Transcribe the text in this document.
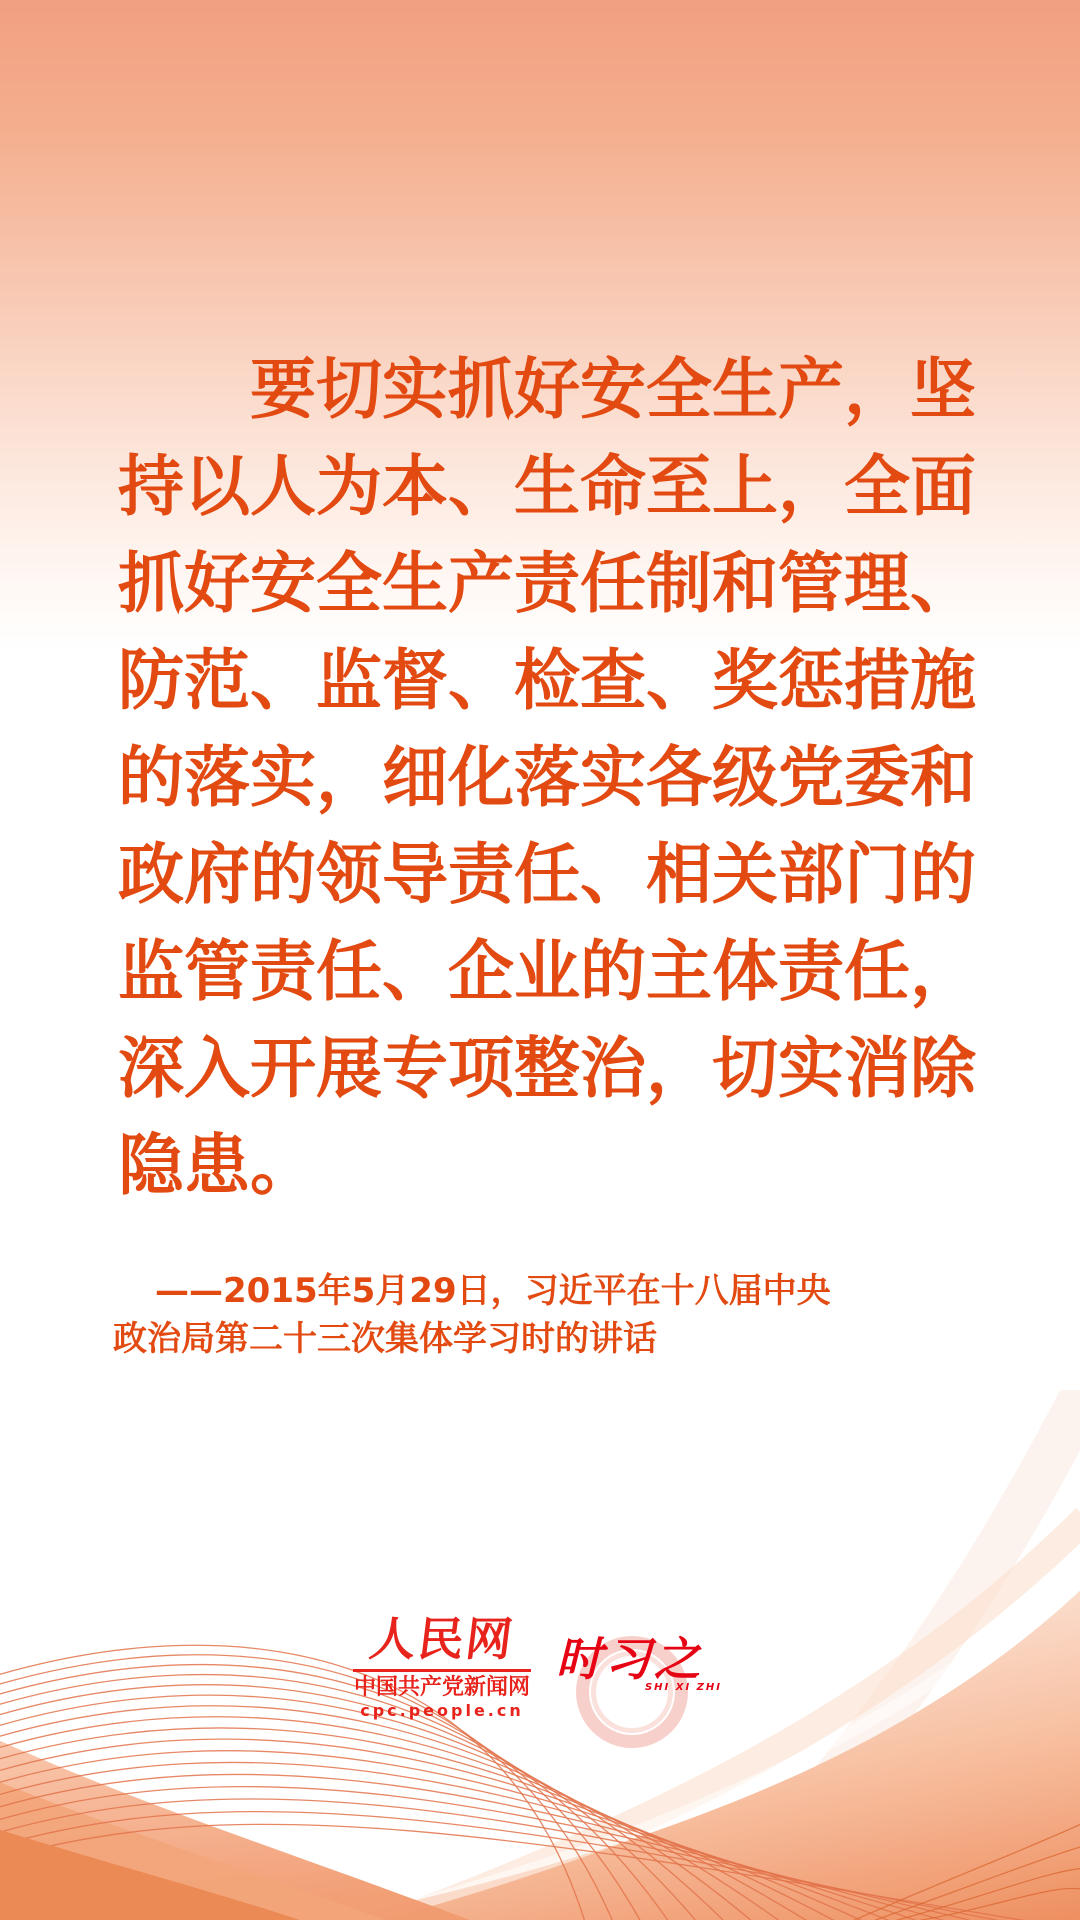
要切实抓好安全生产，坚
持以人为本、生命至上，全面
抓好安全生产责任制和管理、
防范、监督、检查、奖惩措施
的落实，细化落实各级党委和
政府的领导责任、相关部门的
监管责任、企业的主体责任，
深入开展专项整治，切实消除
隐患。
——2015年5月29日，习近平在十八届中央
政治局第二十三次集体学习时的讲话
人民网
中国共产党新闻网
cpc.people.cn
时习之
SHI XI ZHI
